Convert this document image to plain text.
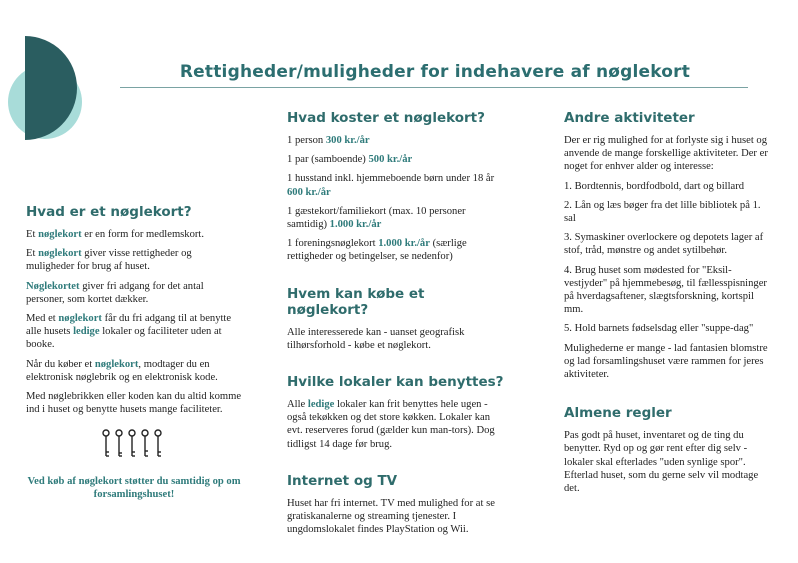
Rettigheder/muligheder for indehavere af nøglekort
Hvad er et nøglekort?

Et nøglekort er en form for medlemskort.

Et nøglekort giver visse rettigheder og muligheder for brug af huset.

Nøglekortet giver fri adgang for det antal personer, som kortet dækker.

Med et nøglekort får du fri adgang til at benytte alle husets ledige lokaler og faciliteter uden at booke.

Når du køber et nøglekort, modtager du en elektronisk nøglebrik og en elektronisk kode.

Med nøglebrikken eller koden kan du altid komme ind i huset og benytte husets mange faciliteter.

Ved køb af nøglekort støtter du samtidig op om forsamlingshuset!
Hvad koster et nøglekort?

1 person 300 kr./år

1 par (samboende) 500 kr./år

1 husstand inkl. hjemmeboende børn under 18 år 600 kr./år

1 gæstekort/familiekort (max. 10 personer samtidig) 1.000 kr./år

1 foreningsnøglekort 1.000 kr./år (særlige rettigheder og betingelser, se nedenfor)

Hvem kan købe et nøglekort?

Alle interesserede kan - uanset geografisk tilhørsforhold - købe et nøglekort.

Hvilke lokaler kan benyttes?

Alle ledige lokaler kan frit benyttes hele ugen - også tekøkken og det store køkken. Lokaler kan evt. reserveres forud (gælder kun man-tors). Dog tidligst 14 dage før brug.

Internet og TV

Huset har fri internet. TV med mulighed for at se gratiskanalerne og streaming tjenester. I ungdomslokalet findes PlayStation og Wii.

Andre aktiviteter

Der er rig mulighed for at forlyste sig i huset og anvende de mange forskellige aktiviteter. Der er noget for enhver alder og interesse:

1. Bordtennis, bordfodbold, dart og billard

2. Lån og læs bøger fra det lille bibliotek på 1. sal

3. Symaskiner overlockere og depotets lager af stof, tråd, mønstre og andet sytilbehør.

4. Brug huset som mødested for "Eksil-vestjyder" på hjemmebesøg, til fællesspisninger på hverdagsaftener, slægtsforskning, kortspil mm.

5. Hold barnets fødselsdag eller "suppe-dag"

Mulighederne er mange - lad fantasien blomstre og lad forsamlingshuset være rammen for jeres aktiviteter.

Almene regler

Pas godt på huset, inventaret og de ting du benytter. Ryd op og gør rent efter dig selv - lokaler skal efterlades "uden synlige spor". Efterlad huset, som du gerne selv vil modtage det.
